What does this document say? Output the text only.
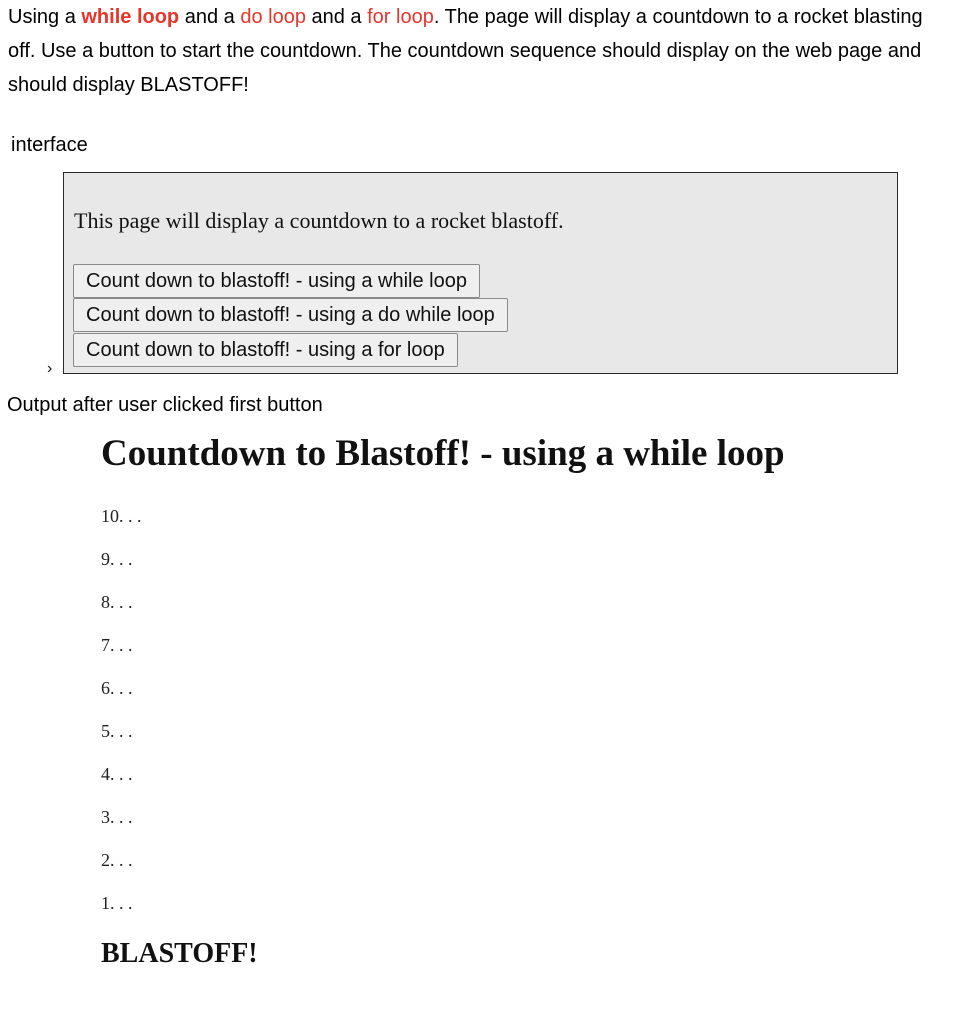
Using a while loop and a do loop and a for loop. The page will display a countdown to a rocket blasting off. Use a button to start the countdown. The countdown sequence should display on the web page and should display BLASTOFF!

interface

This page will display a countdown to a rocket blastoff.

Count down to blastoff! - using a while loop
Count down to blastoff! - using a do while loop
Count down to blastoff! - using a for loop

›

Output after user clicked first button

Countdown to Blastoff! - using a while loop
10. . .
9. . .
8. . .
7. . .
6. . .
5. . .
4. . .
3. . .
2. . .
1. . .

BLASTOFF!
